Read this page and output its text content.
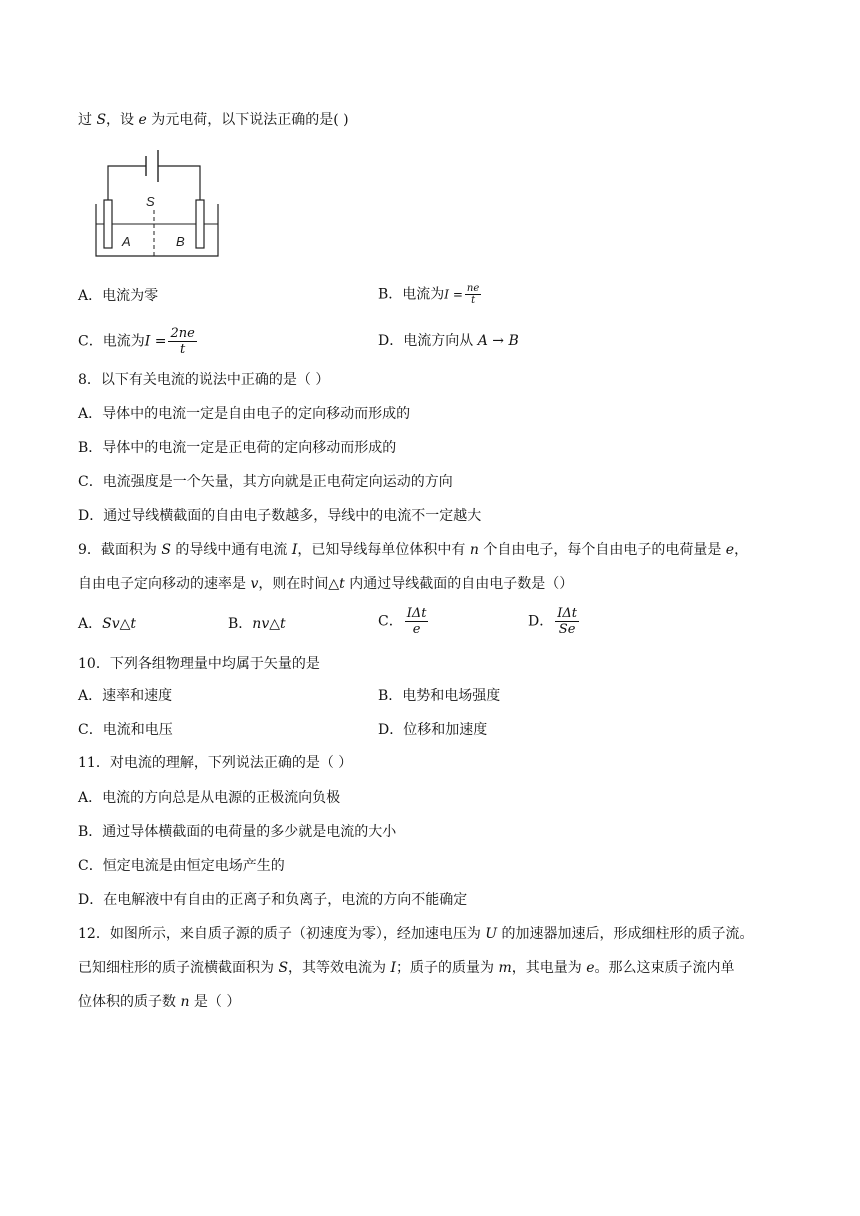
过 S，设 e 为元电荷，以下说法正确的是( )
S
A	B
A．电流为零	B．电流为$I = \frac{ne}{t}$
C．电流为$I = \frac{2ne}{t}$	D．电流方向从 A → B
8．以下有关电流的说法中正确的是（ ）
A．导体中的电流一定是自由电子的定向移动而形成的
B．导体中的电流一定是正电荷的定向移动而形成的
C．电流强度是一个矢量，其方向就是正电荷定向运动的方向
D．通过导线横截面的自由电子数越多，导线中的电流不一定越大
9．截面积为 S 的导线中通有电流 I，已知导线每单位体积中有 n 个自由电子，每个自由电子的电荷量是 e，
自由电子定向移动的速率是 v，则在时间△t 内通过导线截面的自由电子数是（）
A．Sv△t	B．nv△t	C． $\frac{\text{IΔt}}{e}$	D． $\frac{\text{IΔt}}{Se}$
10．下列各组物理量中均属于矢量的是
A．速率和速度	B．电势和电场强度
C．电流和电压	D．位移和加速度
11．对电流的理解，下列说法正确的是（ ）
A．电流的方向总是从电源的正极流向负极
B．通过导体横截面的电荷量的多少就是电流的大小
C．恒定电流是由恒定电场产生的
D．在电解液中有自由的正离子和负离子，电流的方向不能确定
12．如图所示，来自质子源的质子（初速度为零），经加速电压为 U 的加速器加速后，形成细柱形的质子流。
已知细柱形的质子流横截面积为 S，其等效电流为 I；质子的质量为 m，其电量为 e。那么这束质子流内单
位体积的质子数 n 是（ ）
